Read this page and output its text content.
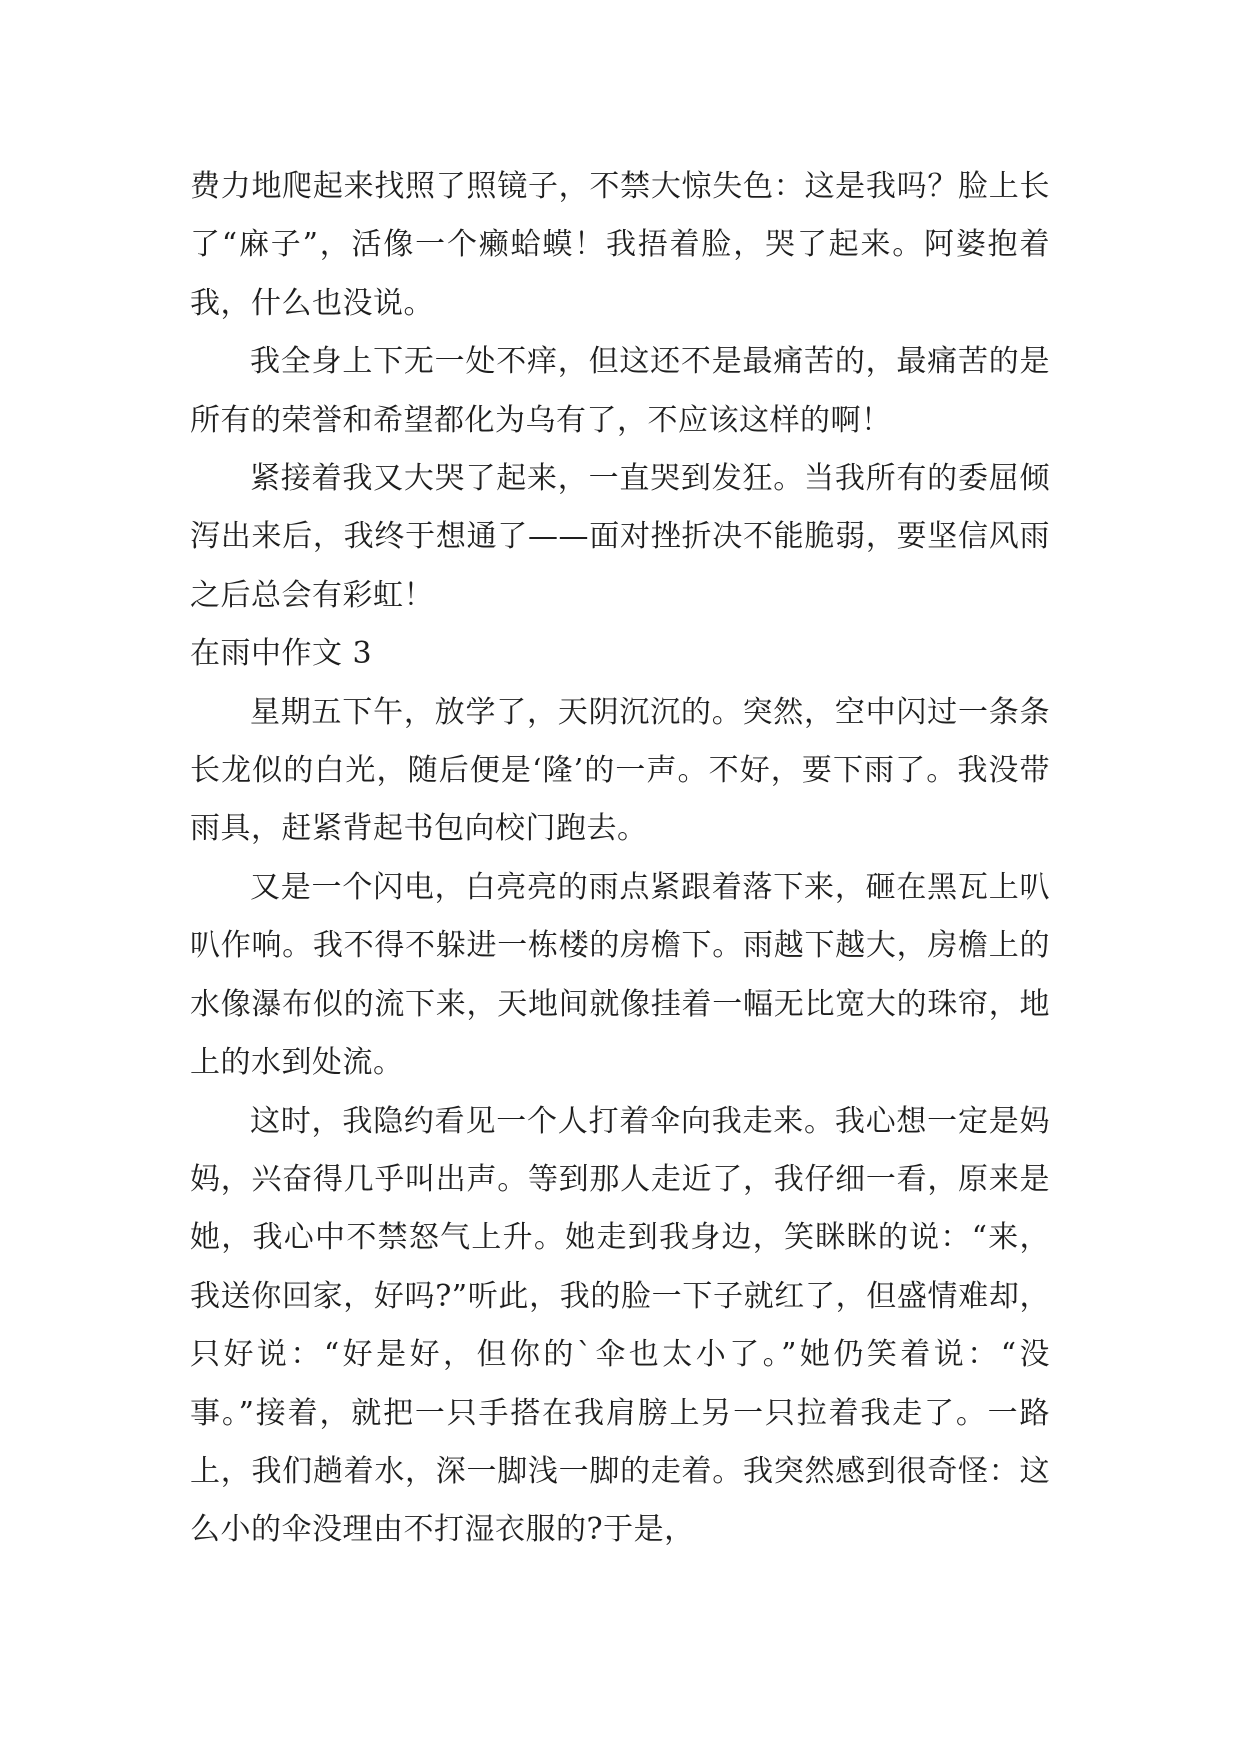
费力地爬起来找照了照镜子，不禁大惊失色：这是我吗？脸上长了“麻子”，活像一个癞蛤蟆！我捂着脸，哭了起来。阿婆抱着我，什么也没说。

我全身上下无一处不痒，但这还不是最痛苦的，最痛苦的是所有的荣誉和希望都化为乌有了，不应该这样的啊！

紧接着我又大哭了起来，一直哭到发狂。当我所有的委屈倾泻出来后，我终于想通了——面对挫折决不能脆弱，要坚信风雨之后总会有彩虹！

在雨中作文 3

星期五下午，放学了，天阴沉沉的。突然，空中闪过一条条长龙似的白光，随后便是‘隆’的一声。不好，要下雨了。我没带雨具，赶紧背起书包向校门跑去。

又是一个闪电，白亮亮的雨点紧跟着落下来，砸在黑瓦上叭叭作响。我不得不躲进一栋楼的房檐下。雨越下越大，房檐上的水像瀑布似的流下来，天地间就像挂着一幅无比宽大的珠帘，地上的水到处流。

这时，我隐约看见一个人打着伞向我走来。我心想一定是妈妈，兴奋得几乎叫出声。等到那人走近了，我仔细一看，原来是她，我心中不禁怒气上升。她走到我身边，笑眯眯的说：“来，我送你回家，好吗?”听此，我的脸一下子就红了，但盛情难却，只好说：“好是好，但你的`伞也太小了。”她仍笑着说：“没事。”接着，就把一只手搭在我肩膀上另一只拉着我走了。一路上，我们趟着水，深一脚浅一脚的走着。我突然感到很奇怪：这么小的伞没理由不打湿衣服的?于是，
